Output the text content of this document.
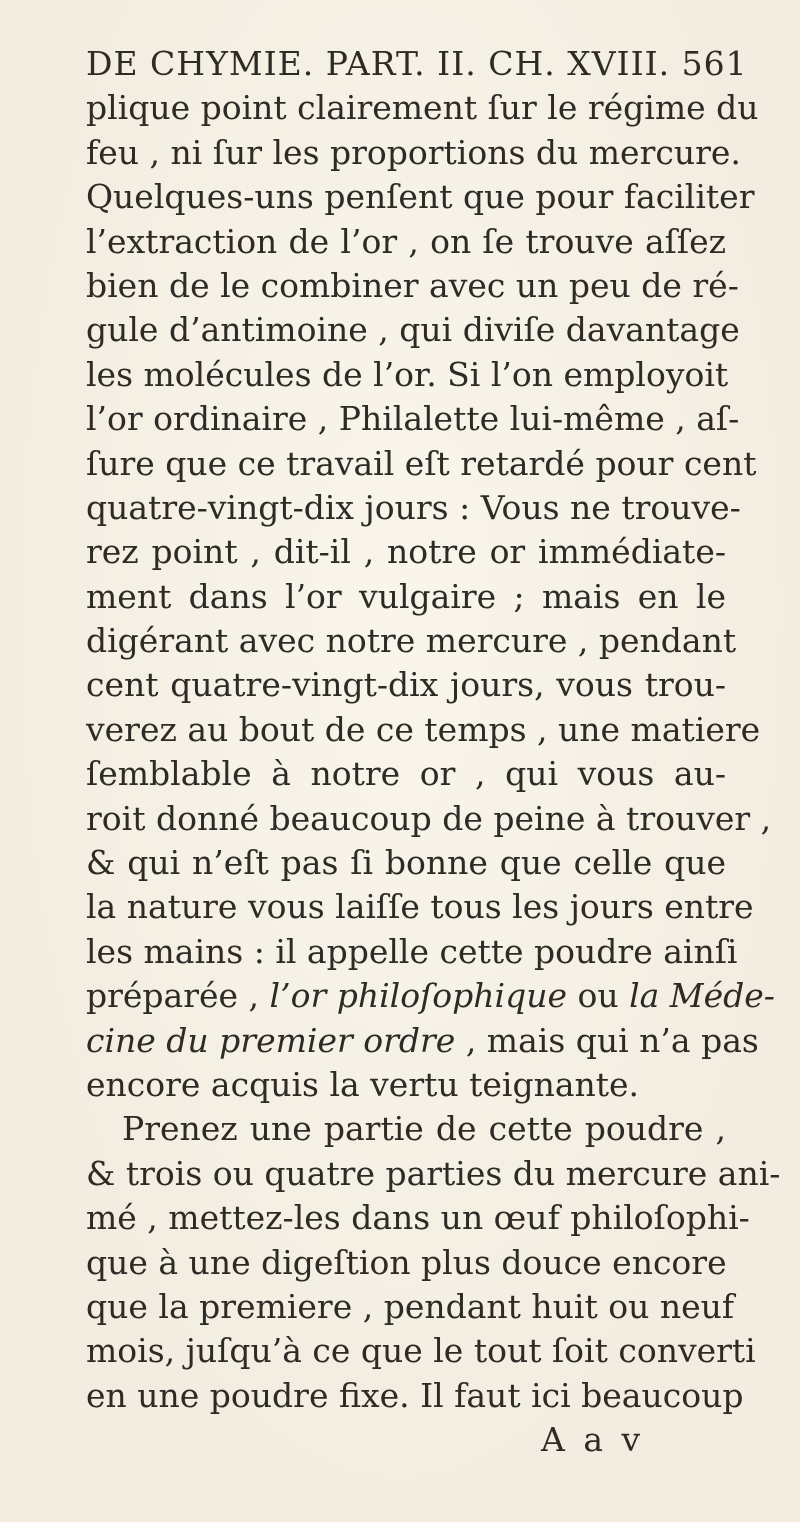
DE CHYMIE. PART. II. CH. XVIII. 561
plique point clairement ſur le régime du
feu , ni ſur les proportions du mercure.
Quelques-uns penſent que pour faciliter
l’extraction de l’or , on ſe trouve aſſez
bien de le combiner avec un peu de ré-
gule d’antimoine , qui diviſe davantage
les molécules de l’or. Si l’on employoit
l’or ordinaire , Philalette lui-même , aſ-
ſure que ce travail eſt retardé pour cent
quatre-vingt-dix jours : Vous ne trouve-
rez point , dit-il , notre or immédiate-
ment dans l’or vulgaire ; mais en le
digérant avec notre mercure , pendant
cent quatre-vingt-dix jours, vous trou-
verez au bout de ce temps , une matiere
ſemblable à notre or , qui vous au-
roit donné beaucoup de peine à trouver ,
& qui n’eſt pas ſi bonne que celle que
la nature vous laiſſe tous les jours entre
les mains : il appelle cette poudre ainſi
préparée , l’or philoſophique ou la Méde-
cine du premier ordre , mais qui n’a pas
encore acquis la vertu teignante.
Prenez une partie de cette poudre ,
& trois ou quatre parties du mercure ani-
mé , mettez-les dans un œuf philoſophi-
que à une digeſtion plus douce encore
que la premiere , pendant huit ou neuf
mois, juſqu’à ce que le tout ſoit converti
en une poudre fixe. Il faut ici beaucoup
A a v
